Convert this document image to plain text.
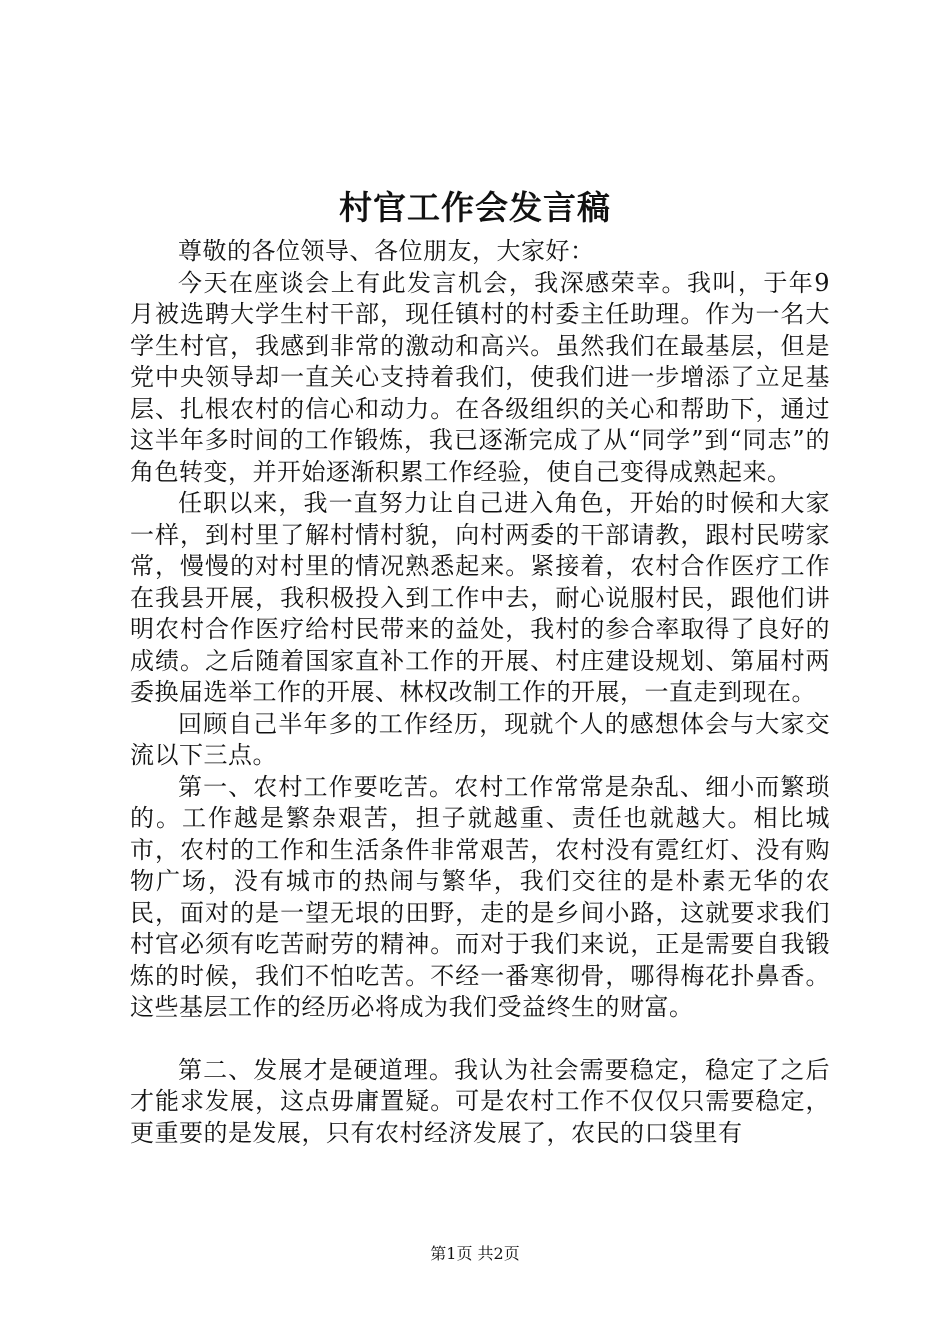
村官工作会发言稿

尊敬的各位领导、各位朋友，大家好：

今天在座谈会上有此发言机会，我深感荣幸。我叫，于年9月被选聘大学生村干部，现任镇村的村委主任助理。作为一名大学生村官，我感到非常的激动和高兴。虽然我们在最基层，但是党中央领导却一直关心支持着我们，使我们进一步增添了立足基层、扎根农村的信心和动力。在各级组织的关心和帮助下，通过这半年多时间的工作锻炼，我已逐渐完成了从“同学”到“同志”的角色转变，并开始逐渐积累工作经验，使自己变得成熟起来。

任职以来，我一直努力让自己进入角色，开始的时候和大家一样，到村里了解村情村貌，向村两委的干部请教，跟村民唠家常，慢慢的对村里的情况熟悉起来。紧接着，农村合作医疗工作在我县开展，我积极投入到工作中去，耐心说服村民，跟他们讲明农村合作医疗给村民带来的益处，我村的参合率取得了良好的成绩。之后随着国家直补工作的开展、村庄建设规划、第届村两委换届选举工作的开展、林权改制工作的开展，一直走到现在。

回顾自己半年多的工作经历，现就个人的感想体会与大家交流以下三点。

第一、农村工作要吃苦。农村工作常常是杂乱、细小而繁琐的。工作越是繁杂艰苦，担子就越重、责任也就越大。相比城市，农村的工作和生活条件非常艰苦，农村没有霓红灯、没有购物广场，没有城市的热闹与繁华，我们交往的是朴素无华的农民，面对的是一望无垠的田野，走的是乡间小路，这就要求我们村官必须有吃苦耐劳的精神。而对于我们来说，正是需要自我锻炼的时候，我们不怕吃苦。不经一番寒彻骨，哪得梅花扑鼻香。这些基层工作的经历必将成为我们受益终生的财富。

第二、发展才是硬道理。我认为社会需要稳定，稳定了之后才能求发展，这点毋庸置疑。可是农村工作不仅仅只需要稳定，更重要的是发展，只有农村经济发展了，农民的口袋里有

第1页 共2页
